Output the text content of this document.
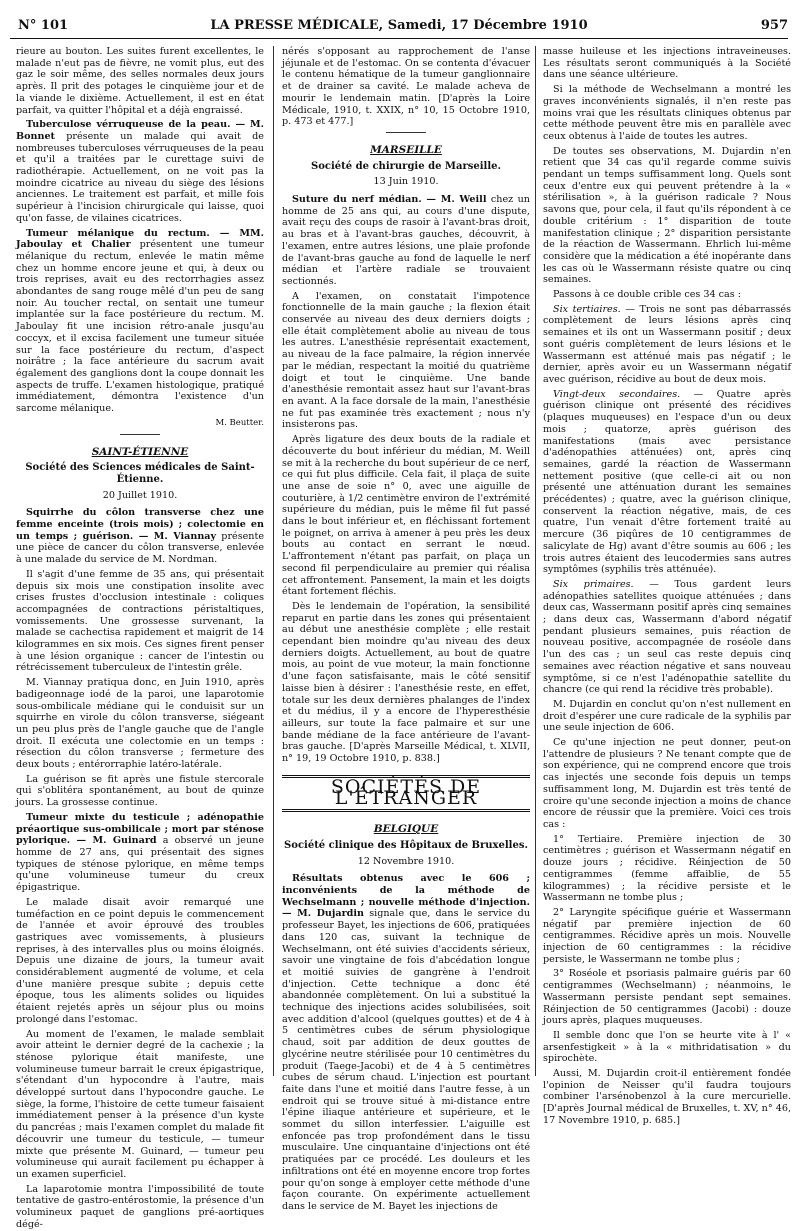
N° 101	LA PRESSE MÉDICALE, Samedi, 17 Décembre 1910	957

rieure au bouton. Les suites furent excellentes, le malade n'eut pas de fièvre, ne vomit plus, eut des gaz le soir même, des selles normales deux jours après. Il prit des potages le cinquième jour et de la viande le dixième. Actuellement, il est en état parfait, va quitter l'hôpital et a déjà engraissé.

Tuberculose vérruqueuse de la peau. — M. Bonnet présente un malade qui avait de nombreuses tuberculoses vérruqueuses de la peau et qu'il a traitées par le curettage suivi de radiothérapie. Actuellement, on ne voit pas la moindre cicatrice au niveau du siège des lésions anciennes. Le traitement est parfait, et mille fois supérieur à l'incision chirurgicale qui laisse, quoi qu'on fasse, de vilaines cicatrices.

Tumeur mélanique du rectum. — MM. Jaboulay et Chalier présentent une tumeur mélanique du rectum, enlevée le matin même chez un homme encore jeune et qui, à deux ou trois reprises, avait eu des rectorrhagies assez abondantes de sang rouge mêlé d'un peu de sang noir. Au toucher rectal, on sentait une tumeur implantée sur la face postérieure du rectum. M. Jaboulay fit une incision rétro-anale jusqu'au coccyx, et il excisa facilement une tumeur située sur la face postérieure du rectum, d'aspect noirâtre ; la face antérieure du sacrum avait également des ganglions dont la coupe donnait les aspects de truffe. L'examen histologique, pratiqué immédiatement, démontra l'existence d'un sarcome mélanique.

M. Beutter.

SAINT-ÉTIENNE
Société des Sciences médicales de Saint-Étienne.
20 Juillet 1910.

Squirrhe du côlon transverse chez une femme enceinte (trois mois) ; colectomie en un temps ; guérison. — M. Viannay présente une pièce de cancer du côlon transverse, enlevée à une malade du service de M. Nordman.

Il s'agit d'une femme de 35 ans, qui présentait depuis six mois une constipation insolite avec crises frustes d'occlusion intestinale : coliques accompagnées de contractions péristaltiques, vomissements. Une grossesse survenant, la malade se cachectisa rapidement et maigrit de 14 kilogrammes en six mois. Ces signes firent penser à une lésion organique : cancer de l'intestin ou rétrécissement tuberculeux de l'intestin grêle.

M. Viannay pratiqua donc, en Juin 1910, après badigeonnage iodé de la paroi, une laparotomie sous-ombilicale médiane qui le conduisit sur un squirrhe en virole du côlon transverse, siégeant un peu plus près de l'angle gauche que de l'angle droit. Il exécuta une colectomie en un temps : résection du côlon transverse ; fermeture des deux bouts ; entérorraphie latéro-latérale.

La guérison se fit après une fistule stercorale qui s'oblitéra spontanément, au bout de quinze jours. La grossesse continue.

Tumeur mixte du testicule ; adénopathie préaortique sus-ombilicale ; mort par sténose pylorique. — M. Guinard a observé un jeune homme de 27 ans, qui présentait des signes typiques de sténose pylorique, en même temps qu'une volumineuse tumeur du creux épigastrique.

Le malade disait avoir remarqué une tuméfaction en ce point depuis le commencement de l'année et avoir éprouvé des troubles gastriques avec vomissements, à plusieurs reprises, à des intervalles plus ou moins éloignés. Depuis une dizaine de jours, la tumeur avait considérablement augmenté de volume, et cela d'une manière presque subite ; depuis cette époque, tous les aliments solides ou liquides étaient rejetés après un séjour plus ou moins prolongé dans l'estomac.

Au moment de l'examen, le malade semblait avoir atteint le dernier degré de la cachexie ; la sténose pylorique était manifeste, une volumineuse tumeur barrait le creux épigastrique, s'étendant d'un hypocondre à l'autre, mais développé surtout dans l'hypocondre gauche. Le siège, la forme, l'histoire de cette tumeur faisaient immédiatement penser à la présence d'un kyste du pancréas ; mais l'examen complet du malade fit découvrir une tumeur du testicule, — tumeur mixte que présente M. Guinard, — tumeur peu volumineuse qui aurait facilement pu échapper à un examen superficiel.

La laparotomie montra l'impossibilité de toute tentative de gastro-entérostomie, la présence d'un volumineux paquet de ganglions pré-aortiques dégé-

nérés s'opposant au rapprochement de l'anse jéjunale et de l'estomac. On se contenta d'évacuer le contenu hématique de la tumeur ganglionnaire et de drainer sa cavité. Le malade acheva de mourir le lendemain matin. [D'après la Loire Médicale, 1910, t. XXIX, n° 10, 15 Octobre 1910, p. 473 et 477.]

MARSEILLE
Société de chirurgie de Marseille.
13 Juin 1910.

Suture du nerf médian. — M. Weill chez un homme de 25 ans qui, au cours d'une dispute, avait reçu des coups de rasoir à l'avant-bras droit, au bras et à l'avant-bras gauches, découvrit, à l'examen, entre autres lésions, une plaie profonde de l'avant-bras gauche au fond de laquelle le nerf médian et l'artère radiale se trouvaient sectionnés.

A l'examen, on constatait l'impotence fonctionnelle de la main gauche ; la flexion était conservée au niveau des deux derniers doigts ; elle était complètement abolie au niveau de tous les autres. L'anesthésie représentait exactement, au niveau de la face palmaire, la région innervée par le médian, respectant la moitié du quatrième doigt et tout le cinquième. Une bande d'anesthésie remontait assez haut sur l'avant-bras en avant. A la face dorsale de la main, l'anesthésie ne fut pas examinée très exactement ; nous n'y insisterons pas.

Après ligature des deux bouts de la radiale et découverte du bout inférieur du médian, M. Weill se mit à la recherche du bout supérieur de ce nerf, ce qui fut plus difficile. Cela fait, il plaça de suite une anse de soie n° 0, avec une aiguille de couturière, à 1/2 centimètre environ de l'extrémité supérieure du médian, puis le même fil fut passé dans le bout inférieur et, en fléchissant fortement le poignet, on arriva à amener à peu près les deux bouts au contact en serrant le nœud. L'affrontement n'étant pas parfait, on plaça un second fil perpendiculaire au premier qui réalisa cet affrontement. Pansement, la main et les doigts étant fortement fléchis.

Dès le lendemain de l'opération, la sensibilité reparut en partie dans les zones qui présentaient au début une anesthésie complète ; elle restait cependant bien moindre qu'au niveau des deux derniers doigts. Actuellement, au bout de quatre mois, au point de vue moteur, la main fonctionne d'une façon satisfaisante, mais le côté sensitif laisse bien à désirer : l'anesthésie reste, en effet, totale sur les deux dernières phalanges de l'index et du médius, il y a encore de l'hyperesthésie ailleurs, sur toute la face palmaire et sur une bande médiane de la face antérieure de l'avant-bras gauche. [D'après Marseille Médical, t. XLVII, n° 19, 19 Octobre 1910, p. 838.]

SOCIÉTÉS DE L'ÉTRANGER
BELGIQUE
Société clinique des Hôpitaux de Bruxelles.
12 Novembre 1910.

Résultats obtenus avec le 606 ; inconvénients de la méthode de Wechselmann ; nouvelle méthode d'injection. — M. Dujardin signale que, dans le service du professeur Bayet, les injections de 606, pratiquées dans 120 cas, suivant la technique de Wechselmann, ont été suivies d'accidents sérieux, savoir une vingtaine de fois d'abcédation longue et moitié suivies de gangrène à l'endroit d'injection. Cette technique a donc été abandonnée complètement. On lui a substitué la technique des injections acides solubilisées, soit avec addition d'alcool (quelques gouttes) et de 4 à 5 centimètres cubes de sérum physiologique chaud, soit par addition de deux gouttes de glycérine neutre stérilisée pour 10 centimètres du produit (Taege-Jacobi) et de 4 à 5 centimètres cubes de sérum chaud. L'injection est pourtant faite dans l'une et moitié dans l'autre fesse, à un endroit qui se trouve situé à mi-distance entre l'épine iliaque antérieure et supérieure, et le sommet du sillon interfessier. L'aiguille est enfoncée pas trop profondément dans le tissu musculaire. Une cinquantaine d'injections ont été pratiquées par ce procédé. Les douleurs et les infiltrations ont été en moyenne encore trop fortes pour qu'on songe à employer cette méthode d'une façon courante. On expérimente actuellement dans le service de M. Bayet les injections de

masse huileuse et les injections intraveineuses. Les résultats seront communiqués à la Société dans une séance ultérieure.

Si la méthode de Wechselmann a montré les graves inconvénients signalés, il n'en reste pas moins vrai que les résultats cliniques obtenus par cette méthode peuvent être mis en parallèle avec ceux obtenus à l'aide de toutes les autres.

De toutes ses observations, M. Dujardin n'en retient que 34 cas qu'il regarde comme suivis pendant un temps suffisamment long. Quels sont ceux d'entre eux qui peuvent prétendre à la « stérilisation », à la guérison radicale ? Nous savons que, pour cela, il faut qu'ils répondent à ce double critérium : 1° disparition de toute manifestation clinique ; 2° disparition persistante de la réaction de Wassermann. Ehrlich lui-même considère que la médication a été inopérante dans les cas où le Wassermann résiste quatre ou cinq semaines.

Passons à ce double crible ces 34 cas :

Six tertiaires. — Trois ne sont pas débarrassés complètement de leurs lésions après cinq semaines et ils ont un Wassermann positif ; deux sont guéris complètement de leurs lésions et le Wassermann est atténué mais pas négatif ; le dernier, après avoir eu un Wassermann négatif avec guérison, récidive au bout de deux mois.

Vingt-deux secondaires. — Quatre après guérison clinique ont présenté des récidives (plaques muqueuses) en l'espace d'un ou deux mois ; quatorze, après guérison des manifestations (mais avec persistance d'adénopathies atténuées) ont, après cinq semaines, gardé la réaction de Wassermann nettement positive (que celle-ci ait ou non présenté une atténuation durant les semaines précédentes) ; quatre, avec la guérison clinique, conservent la réaction négative, mais, de ces quatre, l'un venait d'être fortement traité au mercure (36 piqûres de 10 centigrammes de salicylate de Hg) avant d'être soumis au 606 ; les trois autres étaient des leucodermies sans autres symptômes (syphilis très atténuée).

Six primaires. — Tous gardent leurs adénopathies satellites quoique atténuées ; dans deux cas, Wassermann positif après cinq semaines ; dans deux cas, Wassermann d'abord négatif pendant plusieurs semaines, puis réaction de nouveau positive, accompagnée de roséole dans l'un des cas ; un seul cas reste depuis cinq semaines avec réaction négative et sans nouveau symptôme, si ce n'est l'adénopathie satellite du chancre (ce qui rend la récidive très probable).

M. Dujardin en conclut qu'on n'est nullement en droit d'espérer une cure radicale de la syphilis par une seule injection de 606.

Ce qu'une injection ne peut donner, peut-on l'attendre de plusieurs ? Ne tenant compte que de son expérience, qui ne comprend encore que trois cas injectés une seconde fois depuis un temps suffisamment long, M. Dujardin est très tenté de croire qu'une seconde injection a moins de chance encore de réussir que la première. Voici ces trois cas :

1° Tertiaire. Première injection de 30 centimètres ; guérison et Wassermann négatif en douze jours ; récidive. Réinjection de 50 centigrammes (femme affaiblie, de 55 kilogrammes) ; la récidive persiste et le Wassermann ne tombe plus ;

2° Laryngite spécifique guérie et Wassermann négatif par première injection de 60 centigrammes. Récidive après un mois. Nouvelle injection de 60 centigrammes : la récidive persiste, le Wassermann ne tombe plus ;

3° Roséole et psoriasis palmaire guéris par 60 centigrammes (Wechselmann) ; néanmoins, le Wassermann persiste pendant sept semaines. Réinjection de 50 centigrammes (Jacobi) : douze jours après, plaques muqueuses.

Il semble donc que l'on se heurte vite à l' « arsenfestigkeit » à la « mithridatisation » du spirochète.

Aussi, M. Dujardin croit-il entièrement fondée l'opinion de Neisser qu'il faudra toujours combiner l'arsénobenzol à la cure mercurielle. [D'après Journal médical de Bruxelles, t. XV, n° 46, 17 Novembre 1910, p. 685.]
